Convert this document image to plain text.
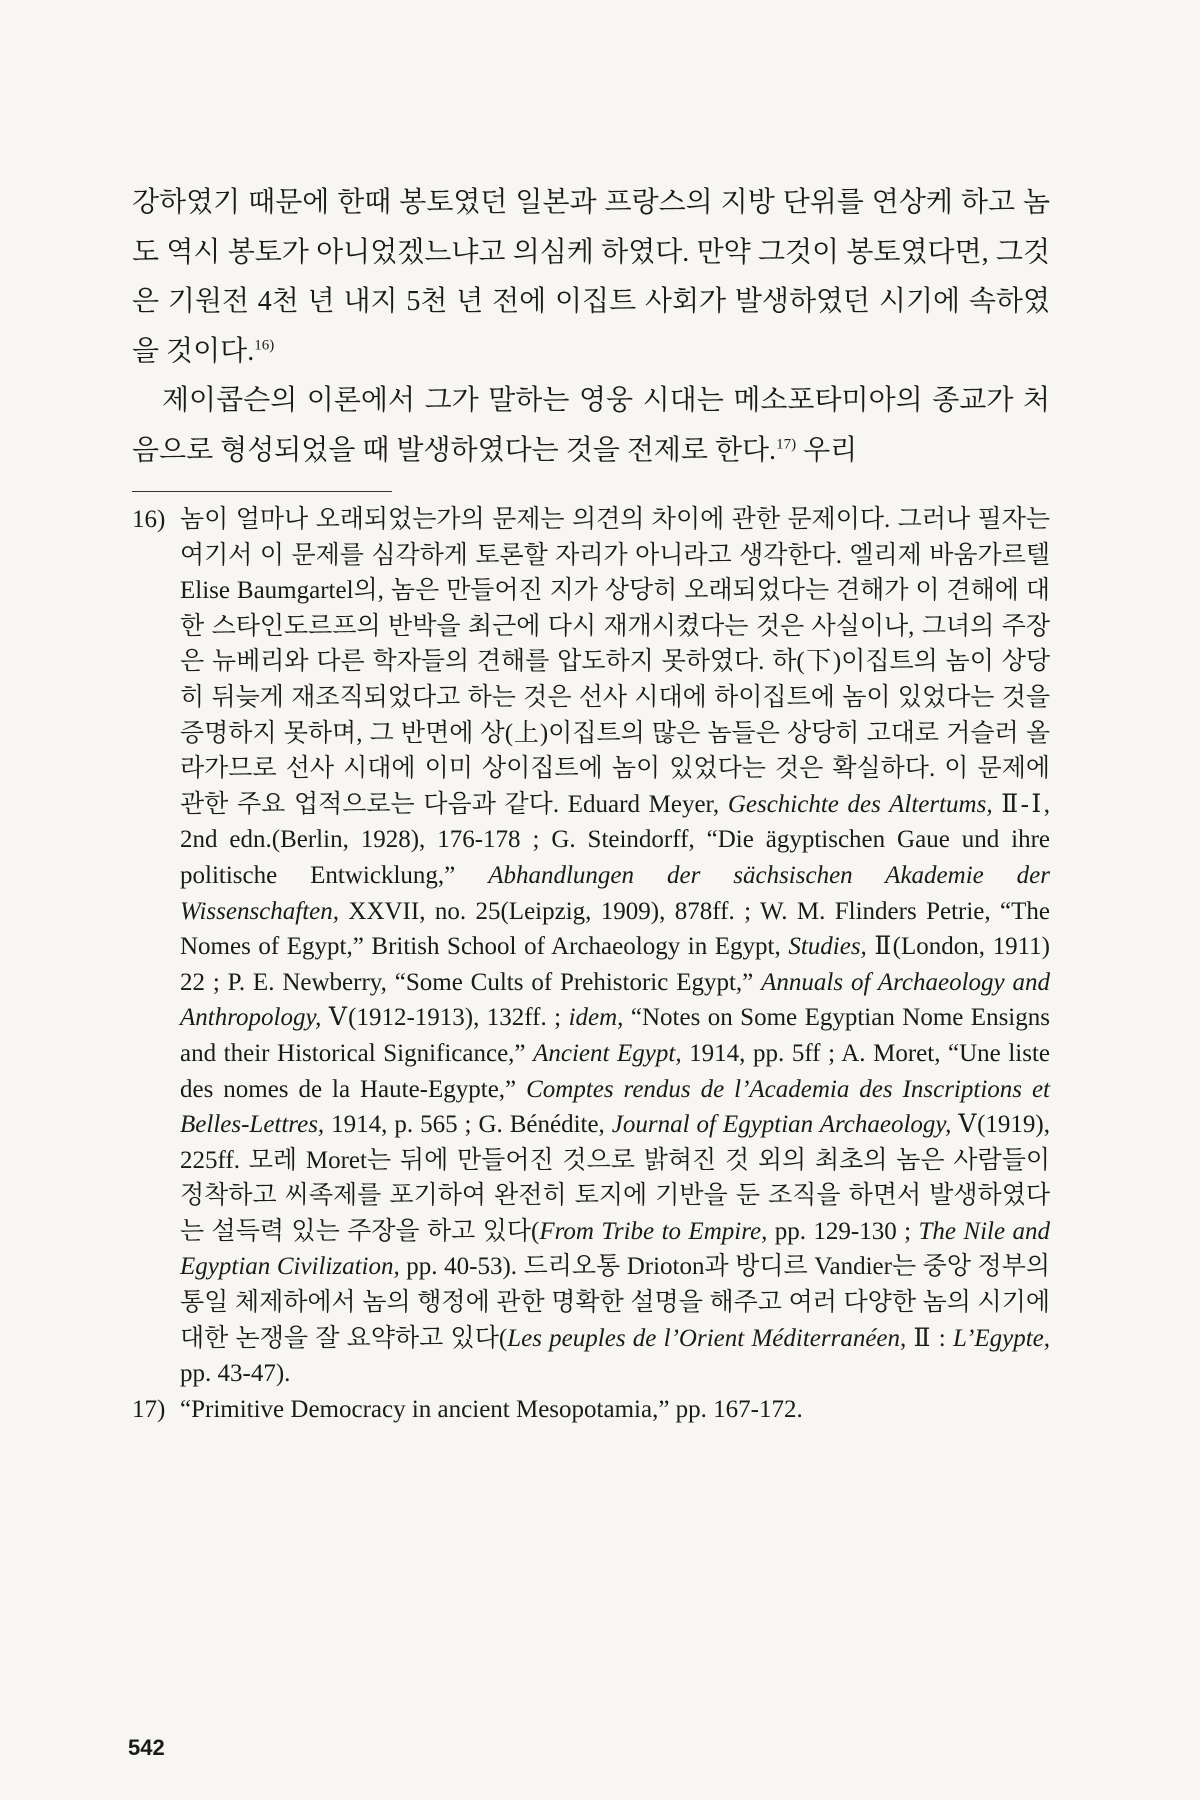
강하였기 때문에 한때 봉토였던 일본과 프랑스의 지방 단위를 연상케 하고 놈도 역시 봉토가 아니었겠느냐고 의심케 하였다. 만약 그것이 봉토였다면, 그것은 기원전 4천 년 내지 5천 년 전에 이집트 사회가 발생하였던 시기에 속하였을 것이다.$^{16)}$

제이콥슨의 이론에서 그가 말하는 영웅 시대는 메소포타미아의 종교가 처음으로 형성되었을 때 발생하였다는 것을 전제로 한다.$^{17)}$ 우리

16) 놈이 얼마나 오래되었는가의 문제는 의견의 차이에 관한 문제이다. 그러나 필자는 여기서 이 문제를 심각하게 토론할 자리가 아니라고 생각한다. 엘리제 바움가르텔 Elise Baumgartel의, 놈은 만들어진 지가 상당히 오래되었다는 견해가 이 견해에 대한 스타인도르프의 반박을 최근에 다시 재개시켰다는 것은 사실이나, 그녀의 주장은 뉴베리와 다른 학자들의 견해를 압도하지 못하였다. 하(下)이집트의 놈이 상당히 뒤늦게 재조직되었다고 하는 것은 선사 시대에 하이집트에 놈이 있었다는 것을 증명하지 못하며, 그 반면에 상(上)이집트의 많은 놈들은 상당히 고대로 거슬러 올라가므로 선사 시대에 이미 상이집트에 놈이 있었다는 것은 확실하다. 이 문제에 관한 주요 업적으로는 다음과 같다. Eduard Meyer, Geschichte des Altertums, Ⅱ-Ⅰ, 2nd edn.(Berlin, 1928), 176-178 ; G. Steindorff, “Die ägyptischen Gaue und ihre politische Entwicklung,” Abhandlungen der sächsischen Akademie der Wissenschaften, XXVII, no. 25(Leipzig, 1909), 878ff. ; W. M. Flinders Petrie, “The Nomes of Egypt,” British School of Archaeology in Egypt, Studies, Ⅱ(London, 1911) 22 ; P. E. Newberry, “Some Cults of Prehistoric Egypt,” Annuals of Archaeology and Anthropology, Ⅴ(1912-1913), 132ff. ; idem, “Notes on Some Egyptian Nome Ensigns and their Historical Significance,” Ancient Egypt, 1914, pp. 5ff ; A. Moret, “Une liste des nomes de la Haute-Egypte,” Comptes rendus de l’Academia des Inscriptions et Belles-Lettres, 1914, p. 565 ; G. Bénédite, Journal of Egyptian Archaeology, Ⅴ(1919), 225ff. 모레 Moret는 뒤에 만들어진 것으로 밝혀진 것 외의 최초의 놈은 사람들이 정착하고 씨족제를 포기하여 완전히 토지에 기반을 둔 조직을 하면서 발생하였다는 설득력 있는 주장을 하고 있다(From Tribe to Empire, pp. 129-130 ; The Nile and Egyptian Civilization, pp. 40-53). 드리오통 Drioton과 방디르 Vandier는 중앙 정부의 통일 체제하에서 놈의 행정에 관한 명확한 설명을 해주고 여러 다양한 놈의 시기에 대한 논쟁을 잘 요약하고 있다(Les peuples de l’Orient Méditerranéen, Ⅱ : L’Egypte, pp. 43-47).
17) “Primitive Democracy in ancient Mesopotamia,” pp. 167-172.
542
